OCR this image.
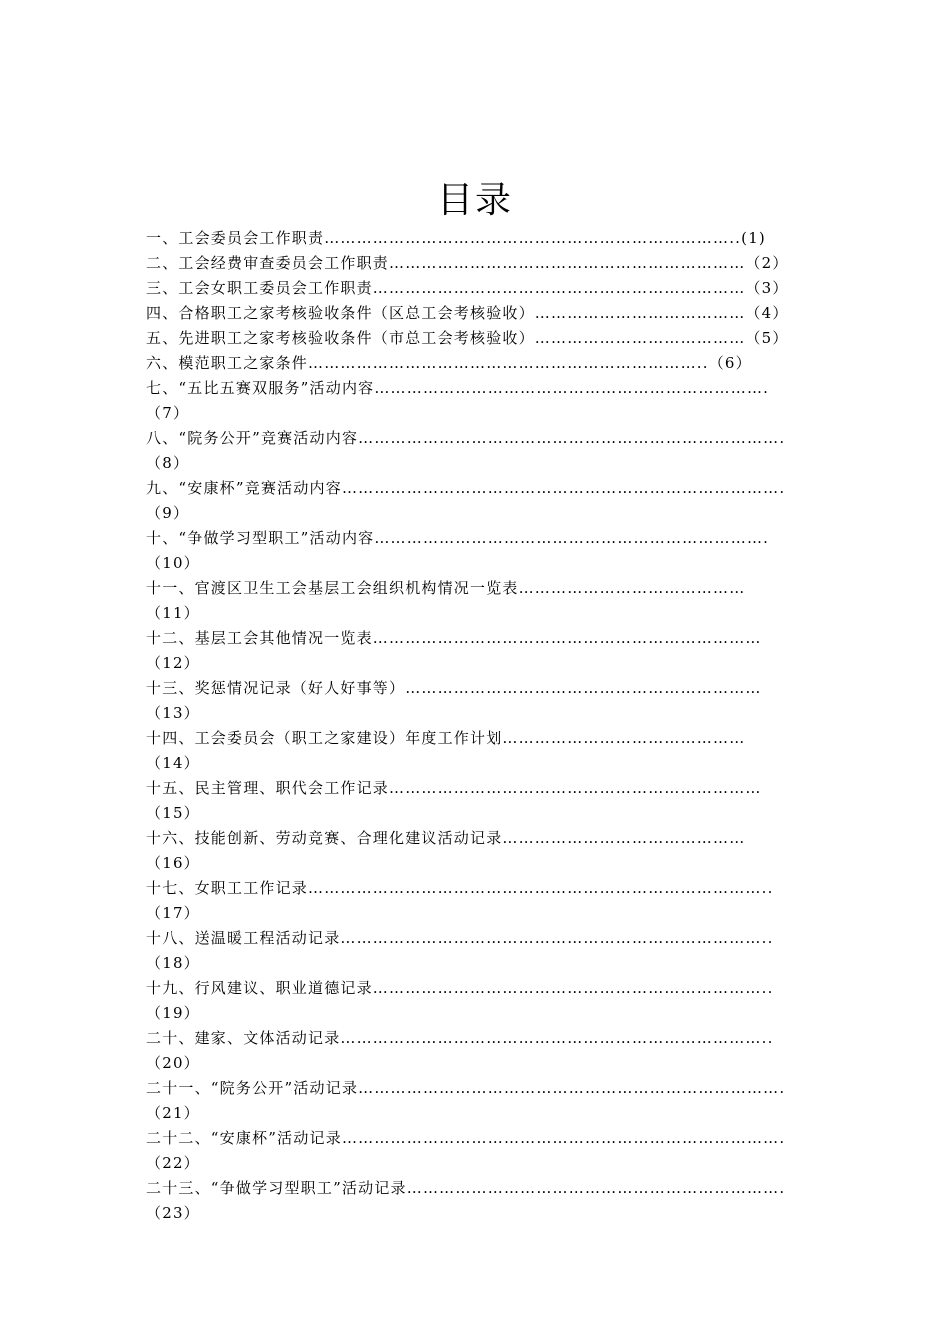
目录
一、工会委员会工作职责…………………………………………………………………..(1)
二、工会经费审查委员会工作职责…………………………………………………………（2）
三、工会女职工委员会工作职责……………………………………………………………（3）
四、合格职工之家考核验收条件（区总工会考核验收）…………………………………（4）
五、先进职工之家考核验收条件（市总工会考核验收）…………………………………（5）
六、模范职工之家条件………………………………………………………………..（6）
七、“五比五赛双服务”活动内容……………………………………………………………….
（7）
八、“院务公开”竞赛活动内容…………………………………………………………………….
（8）
九、“安康杯”竞赛活动内容……………………………………………………………………….
（9）
十、“争做学习型职工”活动内容……………………………………………………………….
（10）
十一、官渡区卫生工会基层工会组织机构情况一览表……………………………………
（11）
十二、基层工会其他情况一览表………………………………………………………………
（12）
十三、奖惩情况记录（好人好事等）…………………………………………………………
（13）
十四、工会委员会（职工之家建设）年度工作计划………………………………………
（14）
十五、民主管理、职代会工作记录……………………………………………………………
（15）
十六、技能创新、劳动竞赛、合理化建议活动记录………………………………………
（16）
十七、女职工工作记录…………………………………………………………………………..
（17）
十八、送温暖工程活动记录……………………………………………………………………..
（18）
十九、行风建议、职业道德记录………………………………………………………………..
（19）
二十、建家、文体活动记录……………………………………………………………………..
（20）
二十一、“院务公开”活动记录…………………………………………………………………….
（21）
二十二、“安康杯”活动记录……………………………………………………………………….
（22）
二十三、“争做学习型职工”活动记录…………………………………………………………….
（23）
